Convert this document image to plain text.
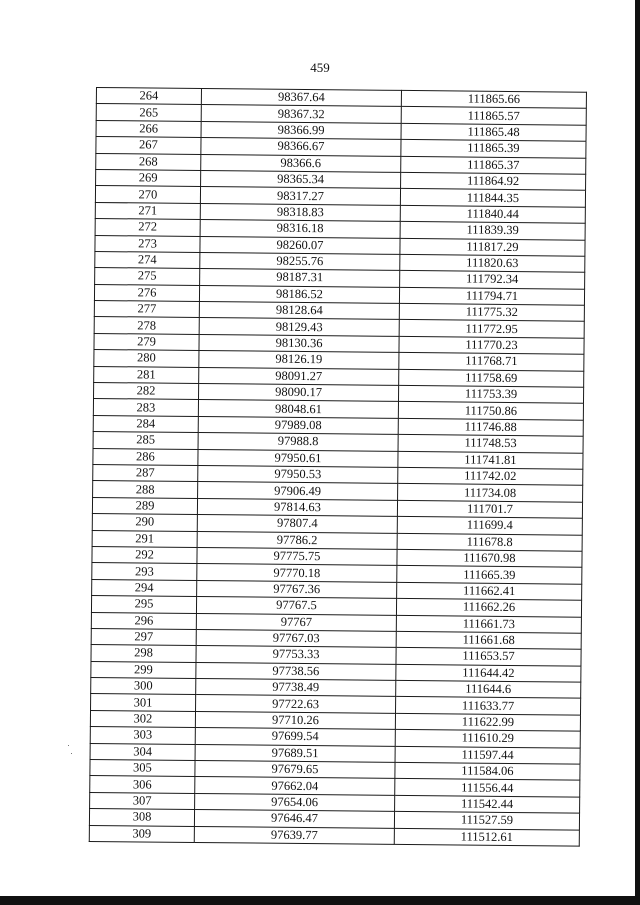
459
264	98367.64	111865.66
265	98367.32	111865.57
266	98366.99	111865.48
267	98366.67	111865.39
268	98366.6	111865.37
269	98365.34	111864.92
270	98317.27	111844.35
271	98318.83	111840.44
272	98316.18	111839.39
273	98260.07	111817.29
274	98255.76	111820.63
275	98187.31	111792.34
276	98186.52	111794.71
277	98128.64	111775.32
278	98129.43	111772.95
279	98130.36	111770.23
280	98126.19	111768.71
281	98091.27	111758.69
282	98090.17	111753.39
283	98048.61	111750.86
284	97989.08	111746.88
285	97988.8	111748.53
286	97950.61	111741.81
287	97950.53	111742.02
288	97906.49	111734.08
289	97814.63	111701.7
290	97807.4	111699.4
291	97786.2	111678.8
292	97775.75	111670.98
293	97770.18	111665.39
294	97767.36	111662.41
295	97767.5	111662.26
296	97767	111661.73
297	97767.03	111661.68
298	97753.33	111653.57
299	97738.56	111644.42
300	97738.49	111644.6
301	97722.63	111633.77
302	97710.26	111622.99
303	97699.54	111610.29
304	97689.51	111597.44
305	97679.65	111584.06
306	97662.04	111556.44
307	97654.06	111542.44
308	97646.47	111527.59
309	97639.77	111512.61
